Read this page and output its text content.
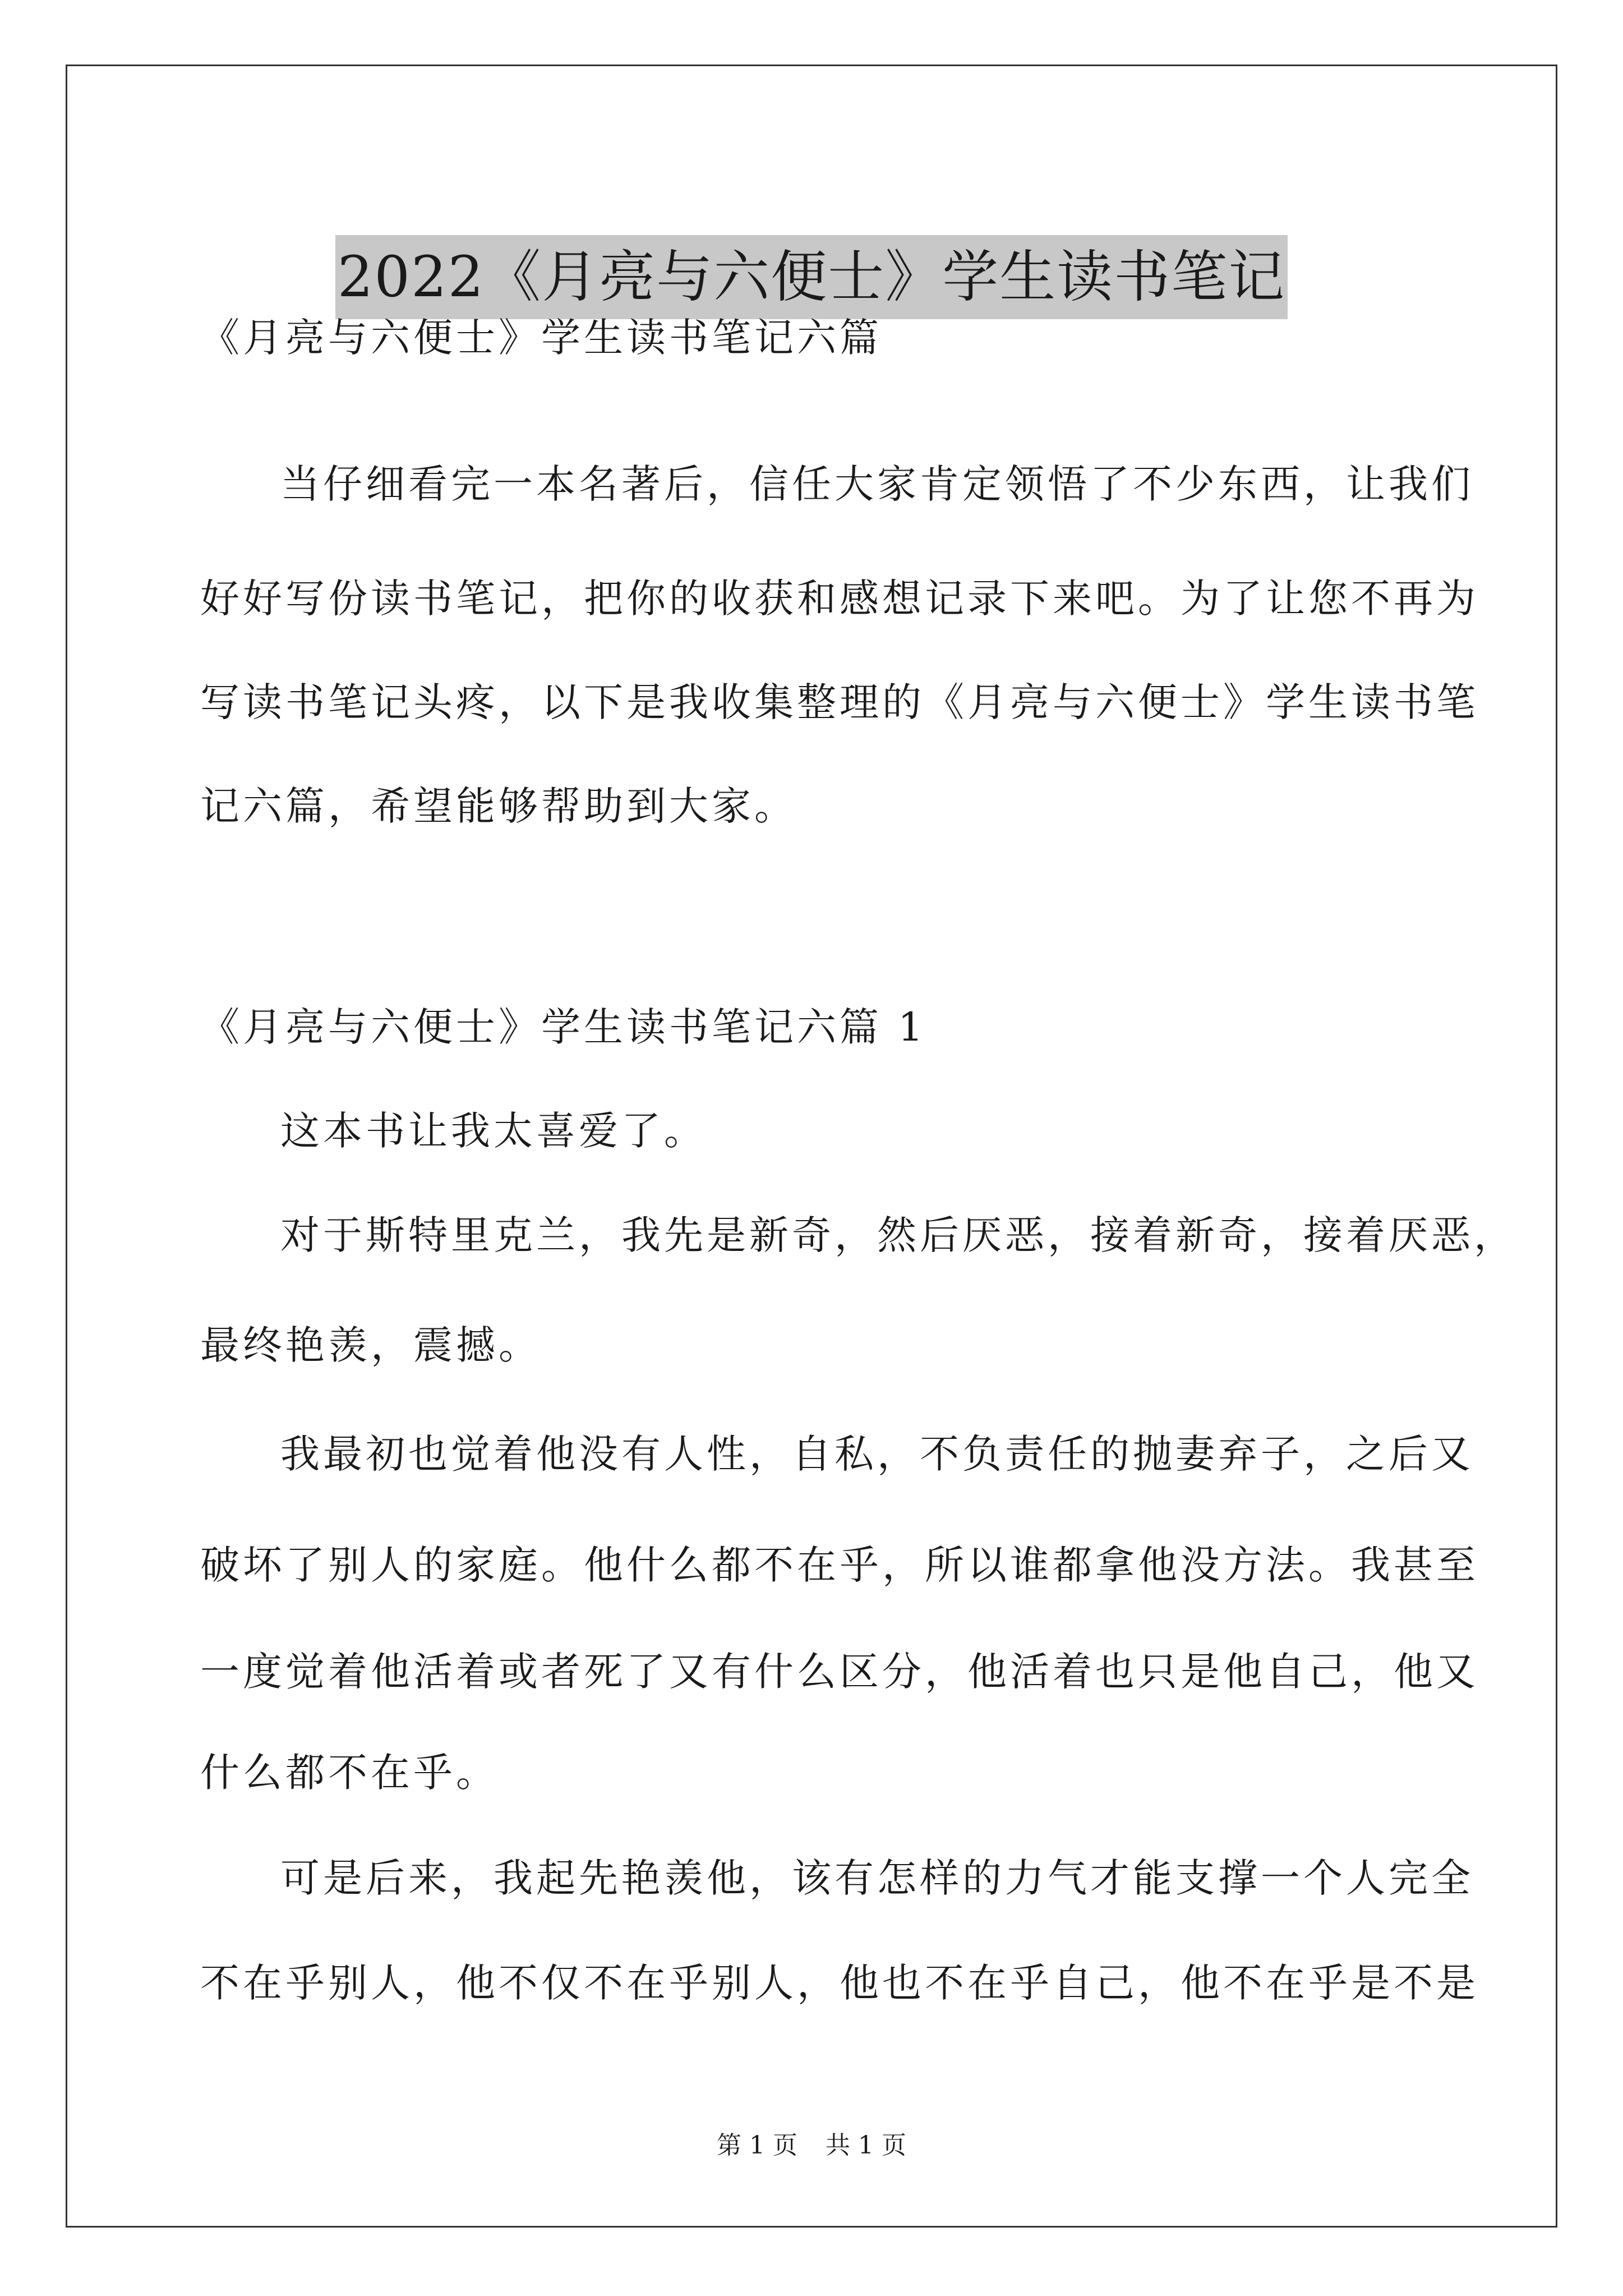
2022《月亮与六便士》学生读书笔记
《月亮与六便士》学生读书笔记六篇
当仔细看完一本名著后，信任大家肯定领悟了不少东西，让我们
好好写份读书笔记，把你的收获和感想记录下来吧。为了让您不再为
写读书笔记头疼，以下是我收集整理的《月亮与六便士》学生读书笔
记六篇，希望能够帮助到大家。
《月亮与六便士》学生读书笔记六篇 1
这本书让我太喜爱了。
对于斯特里克兰，我先是新奇，然后厌恶，接着新奇，接着厌恶，
最终艳羡，震撼。
我最初也觉着他没有人性，自私，不负责任的抛妻弃子，之后又
破坏了别人的家庭。他什么都不在乎，所以谁都拿他没方法。我甚至
一度觉着他活着或者死了又有什么区分，他活着也只是他自己，他又
什么都不在乎。
可是后来，我起先艳羡他，该有怎样的力气才能支撑一个人完全
不在乎别人，他不仅不在乎别人，他也不在乎自己，他不在乎是不是
第 1 页 共 1 页
